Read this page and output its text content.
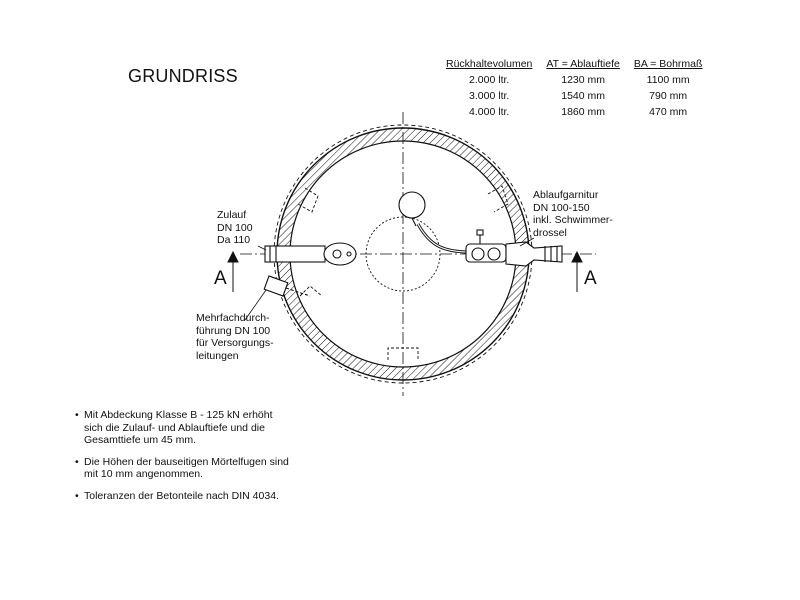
GRUNDRISS
Rückhaltevolumen	AT = Ablauftiefe	BA = Bohrmaß
2.000 ltr.	1230 mm	1100 mm
3.000 ltr.	1540 mm	790 mm
4.000 ltr.	1860 mm	470 mm
Zulauf
DN 100
Da 110
Ablaufgarnitur
DN 100-150
inkl. Schwimmer-
drossel
Mehrfachdurch-
führung DN 100
für Versorgungs-
leitungen
A	A
• Mit Abdeckung Klasse B - 125 kN erhöht
sich die Zulauf- und Ablauftiefe und die
Gesamttiefe um 45 mm.
• Die Höhen der bauseitigen Mörtelfugen sind
mit 10 mm angenommen.
• Toleranzen der Betonteile nach DIN 4034.
